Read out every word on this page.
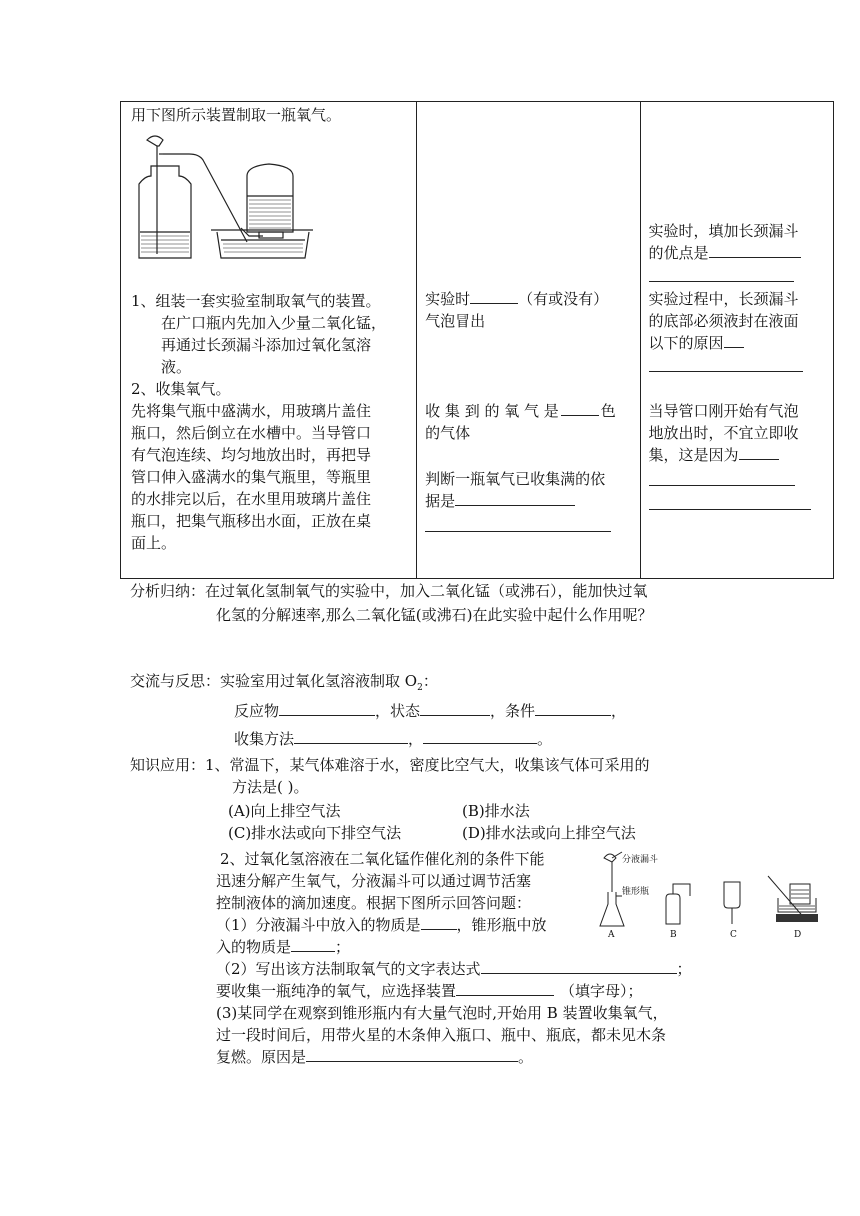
用下图所示装置制取一瓶氧气。
1、组装一套实验室制取氧气的装置。
在广口瓶内先加入少量二氧化锰，
再通过长颈漏斗添加过氧化氢溶
液。
2、收集氧气。
先将集气瓶中盛满水，用玻璃片盖住
瓶口，然后倒立在水槽中。当导管口
有气泡连续、均匀地放出时，再把导
管口伸入盛满水的集气瓶里，等瓶里
的水排完以后，在水里用玻璃片盖住
瓶口，把集气瓶移出水面，正放在桌
面上。

实验时	（有或没有）
气泡冒出
收 集 到 的 氧 气 是	色
的气体
判断一瓶氧气已收集满的依
据是

实验时，填加长颈漏斗
的优点是
实验过程中，长颈漏斗
的底部必须液封在液面
以下的原因
当导管口刚开始有气泡
地放出时，不宜立即收
集，这是因为
分析归纳：在过氧化氢制氧气的实验中，加入二氧化锰（或沸石），能加快过氧
化氢的分解速率,那么二氧化锰(或沸石)在此实验中起什么作用呢？
交流与反思：实验室用过氧化氢溶液制取 $O_2$：
反应物	，状态	，条件	，
收集方法	，	。
知识应用：1、常温下，某气体难溶于水，密度比空气大，收集该气体可采用的
方法是( )。
(A)向上排空气法	(B)排水法
(C)排水法或向下排空气法	(D)排水法或向上排空气法
2、过氧化氢溶液在二氧化锰作催化剂的条件下能
迅速分解产生氧气，分液漏斗可以通过调节活塞
控制液体的滴加速度。根据下图所示回答问题：
（1）分液漏斗中放入的物质是 ，锥形瓶中放
入的物质是	；
（2）写出该方法制取氧气的文字表达式	；
要收集一瓶纯净的氧气，应选择装置	（填字母）；
(3)某同学在观察到锥形瓶内有大量气泡时,开始用 B 装置收集氧气，
过一段时间后，用带火星的木条伸入瓶口、瓶中、瓶底，都未见木条
复燃。原因是	。
分液漏斗
锥形瓶
A	B	C	D
